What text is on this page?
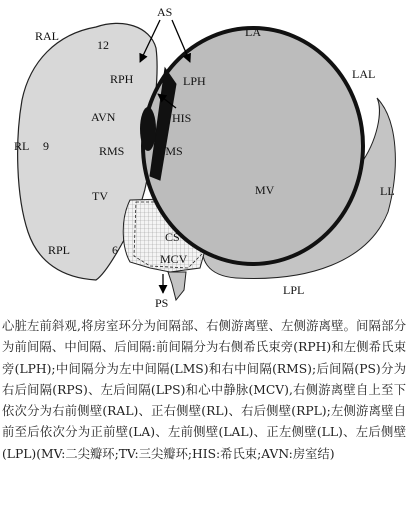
AS
RAL
12
LA
LAL
RPH	LPH
AVN	HIS
RL 9	RMS	LMS
MV	LL
TV
CS
MCV
RPL	6
PS
LPL

心脏左前斜观,将房室环分为间隔部、右侧游离壁、左侧游离壁。间隔部分为前间隔、中间隔、后间隔:前间隔分为右侧希氏束旁(RPH)和左侧希氏束旁(LPH);中间隔分为左中间隔(LMS)和右中间隔(RMS);后间隔(PS)分为右后间隔(RPS)、左后间隔(LPS)和心中静脉(MCV),右侧游离壁自上至下依次分为右前侧壁(RAL)、正右侧壁(RL)、右后侧壁(RPL);左侧游离壁自前至后依次分为正前壁(LA)、左前侧壁(LAL)、正左侧壁(LL)、左后侧壁(LPL)(MV:二尖瓣环;TV:三尖瓣环;HIS:希氏束;AVN:房室结)
